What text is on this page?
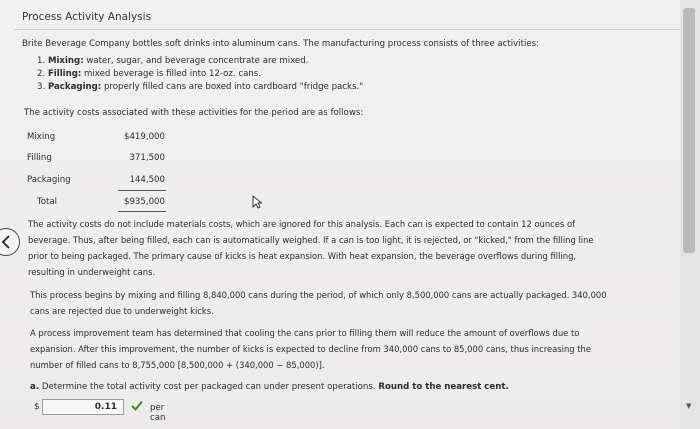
Process Activity Analysis
Brite Beverage Company bottles soft drinks into aluminum cans. The manufacturing process consists of three activities:
1. Mixing: water, sugar, and beverage concentrate are mixed.
2. Filling: mixed beverage is filled into 12-oz. cans.
3. Packaging: properly filled cans are boxed into cardboard "fridge packs."
The activity costs associated with these activities for the period are as follows:
Mixing	$419,000
Filling	371,500
Packaging	144,500
Total	$935,000
The activity costs do not include materials costs, which are ignored for this analysis. Each can is expected to contain 12 ounces of
beverage. Thus, after being filled, each can is automatically weighed. If a can is too light, it is rejected, or "kicked," from the filling line
prior to being packaged. The primary cause of kicks is heat expansion. With heat expansion, the beverage overflows during filling,
resulting in underweight cans.
This process begins by mixing and filling 8,840,000 cans during the period, of which only 8,500,000 cans are actually packaged. 340,000
cans are rejected due to underweight kicks.
A process improvement team has determined that cooling the cans prior to filling them will reduce the amount of overflows due to
expansion. After this improvement, the number of kicks is expected to decline from 340,000 cans to 85,000 cans, thus increasing the
number of filled cans to 8,755,000 [8,500,000 + (340,000 − 85,000)].
a. Determine the total activity cost per packaged can under present operations. Round to the nearest cent.
$	0.11	per can
▼
